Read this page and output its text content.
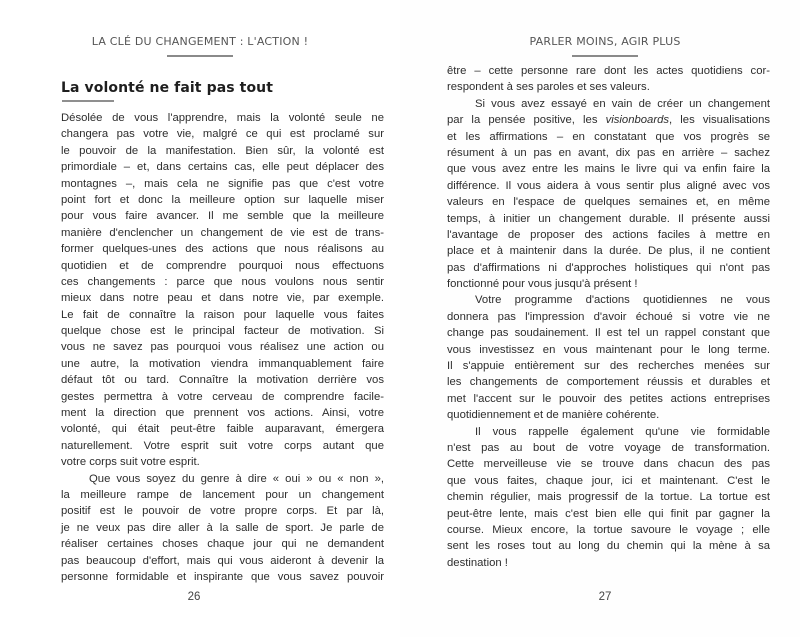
LA CLÉ DU CHANGEMENT : L'ACTION !
La volonté ne fait pas tout
Désolée de vous l'apprendre, mais la volonté seule ne
changera pas votre vie, malgré ce qui est proclamé sur
le pouvoir de la manifestation. Bien sûr, la volonté est
primordiale – et, dans certains cas, elle peut déplacer des
montagnes –, mais cela ne signifie pas que c'est votre
point fort et donc la meilleure option sur laquelle miser
pour vous faire avancer. Il me semble que la meilleure
manière d'enclencher un changement de vie est de trans-
former quelques-unes des actions que nous réalisons au
quotidien et de comprendre pourquoi nous effectuons
ces changements : parce que nous voulons nous sentir
mieux dans notre peau et dans notre vie, par exemple.
Le fait de connaître la raison pour laquelle vous faites
quelque chose est le principal facteur de motivation. Si
vous ne savez pas pourquoi vous réalisez une action ou
une autre, la motivation viendra immanquablement faire
défaut tôt ou tard. Connaître la motivation derrière vos
gestes permettra à votre cerveau de comprendre facile-
ment la direction que prennent vos actions. Ainsi, votre
volonté, qui était peut-être faible auparavant, émergera
naturellement. Votre esprit suit votre corps autant que
votre corps suit votre esprit.
Que vous soyez du genre à dire « oui » ou « non »,
la meilleure rampe de lancement pour un changement
positif est le pouvoir de votre propre corps. Et par là,
je ne veux pas dire aller à la salle de sport. Je parle de
réaliser certaines choses chaque jour qui ne demandent
pas beaucoup d'effort, mais qui vous aideront à devenir la
personne formidable et inspirante que vous savez pouvoir
26
PARLER MOINS, AGIR PLUS
être – cette personne rare dont les actes quotidiens cor-
respondent à ses paroles et ses valeurs.
Si vous avez essayé en vain de créer un changement
par la pensée positive, les visionboards, les visualisations
et les affirmations – en constatant que vos progrès se
résument à un pas en avant, dix pas en arrière – sachez
que vous avez entre les mains le livre qui va enfin faire la
différence. Il vous aidera à vous sentir plus aligné avec vos
valeurs en l'espace de quelques semaines et, en même
temps, à initier un changement durable. Il présente aussi
l'avantage de proposer des actions faciles à mettre en
place et à maintenir dans la durée. De plus, il ne contient
pas d'affirmations ni d'approches holistiques qui n'ont pas
fonctionné pour vous jusqu'à présent !
Votre programme d'actions quotidiennes ne vous
donnera pas l'impression d'avoir échoué si votre vie ne
change pas soudainement. Il est tel un rappel constant que
vous investissez en vous maintenant pour le long terme.
Il s'appuie entièrement sur des recherches menées sur
les changements de comportement réussis et durables et
met l'accent sur le pouvoir des petites actions entreprises
quotidiennement et de manière cohérente.
Il vous rappelle également qu'une vie formidable
n'est pas au bout de votre voyage de transformation.
Cette merveilleuse vie se trouve dans chacun des pas
que vous faites, chaque jour, ici et maintenant. C'est le
chemin régulier, mais progressif de la tortue. La tortue est
peut-être lente, mais c'est bien elle qui finit par gagner la
course. Mieux encore, la tortue savoure le voyage ; elle
sent les roses tout au long du chemin qui la mène à sa
destination !
27
